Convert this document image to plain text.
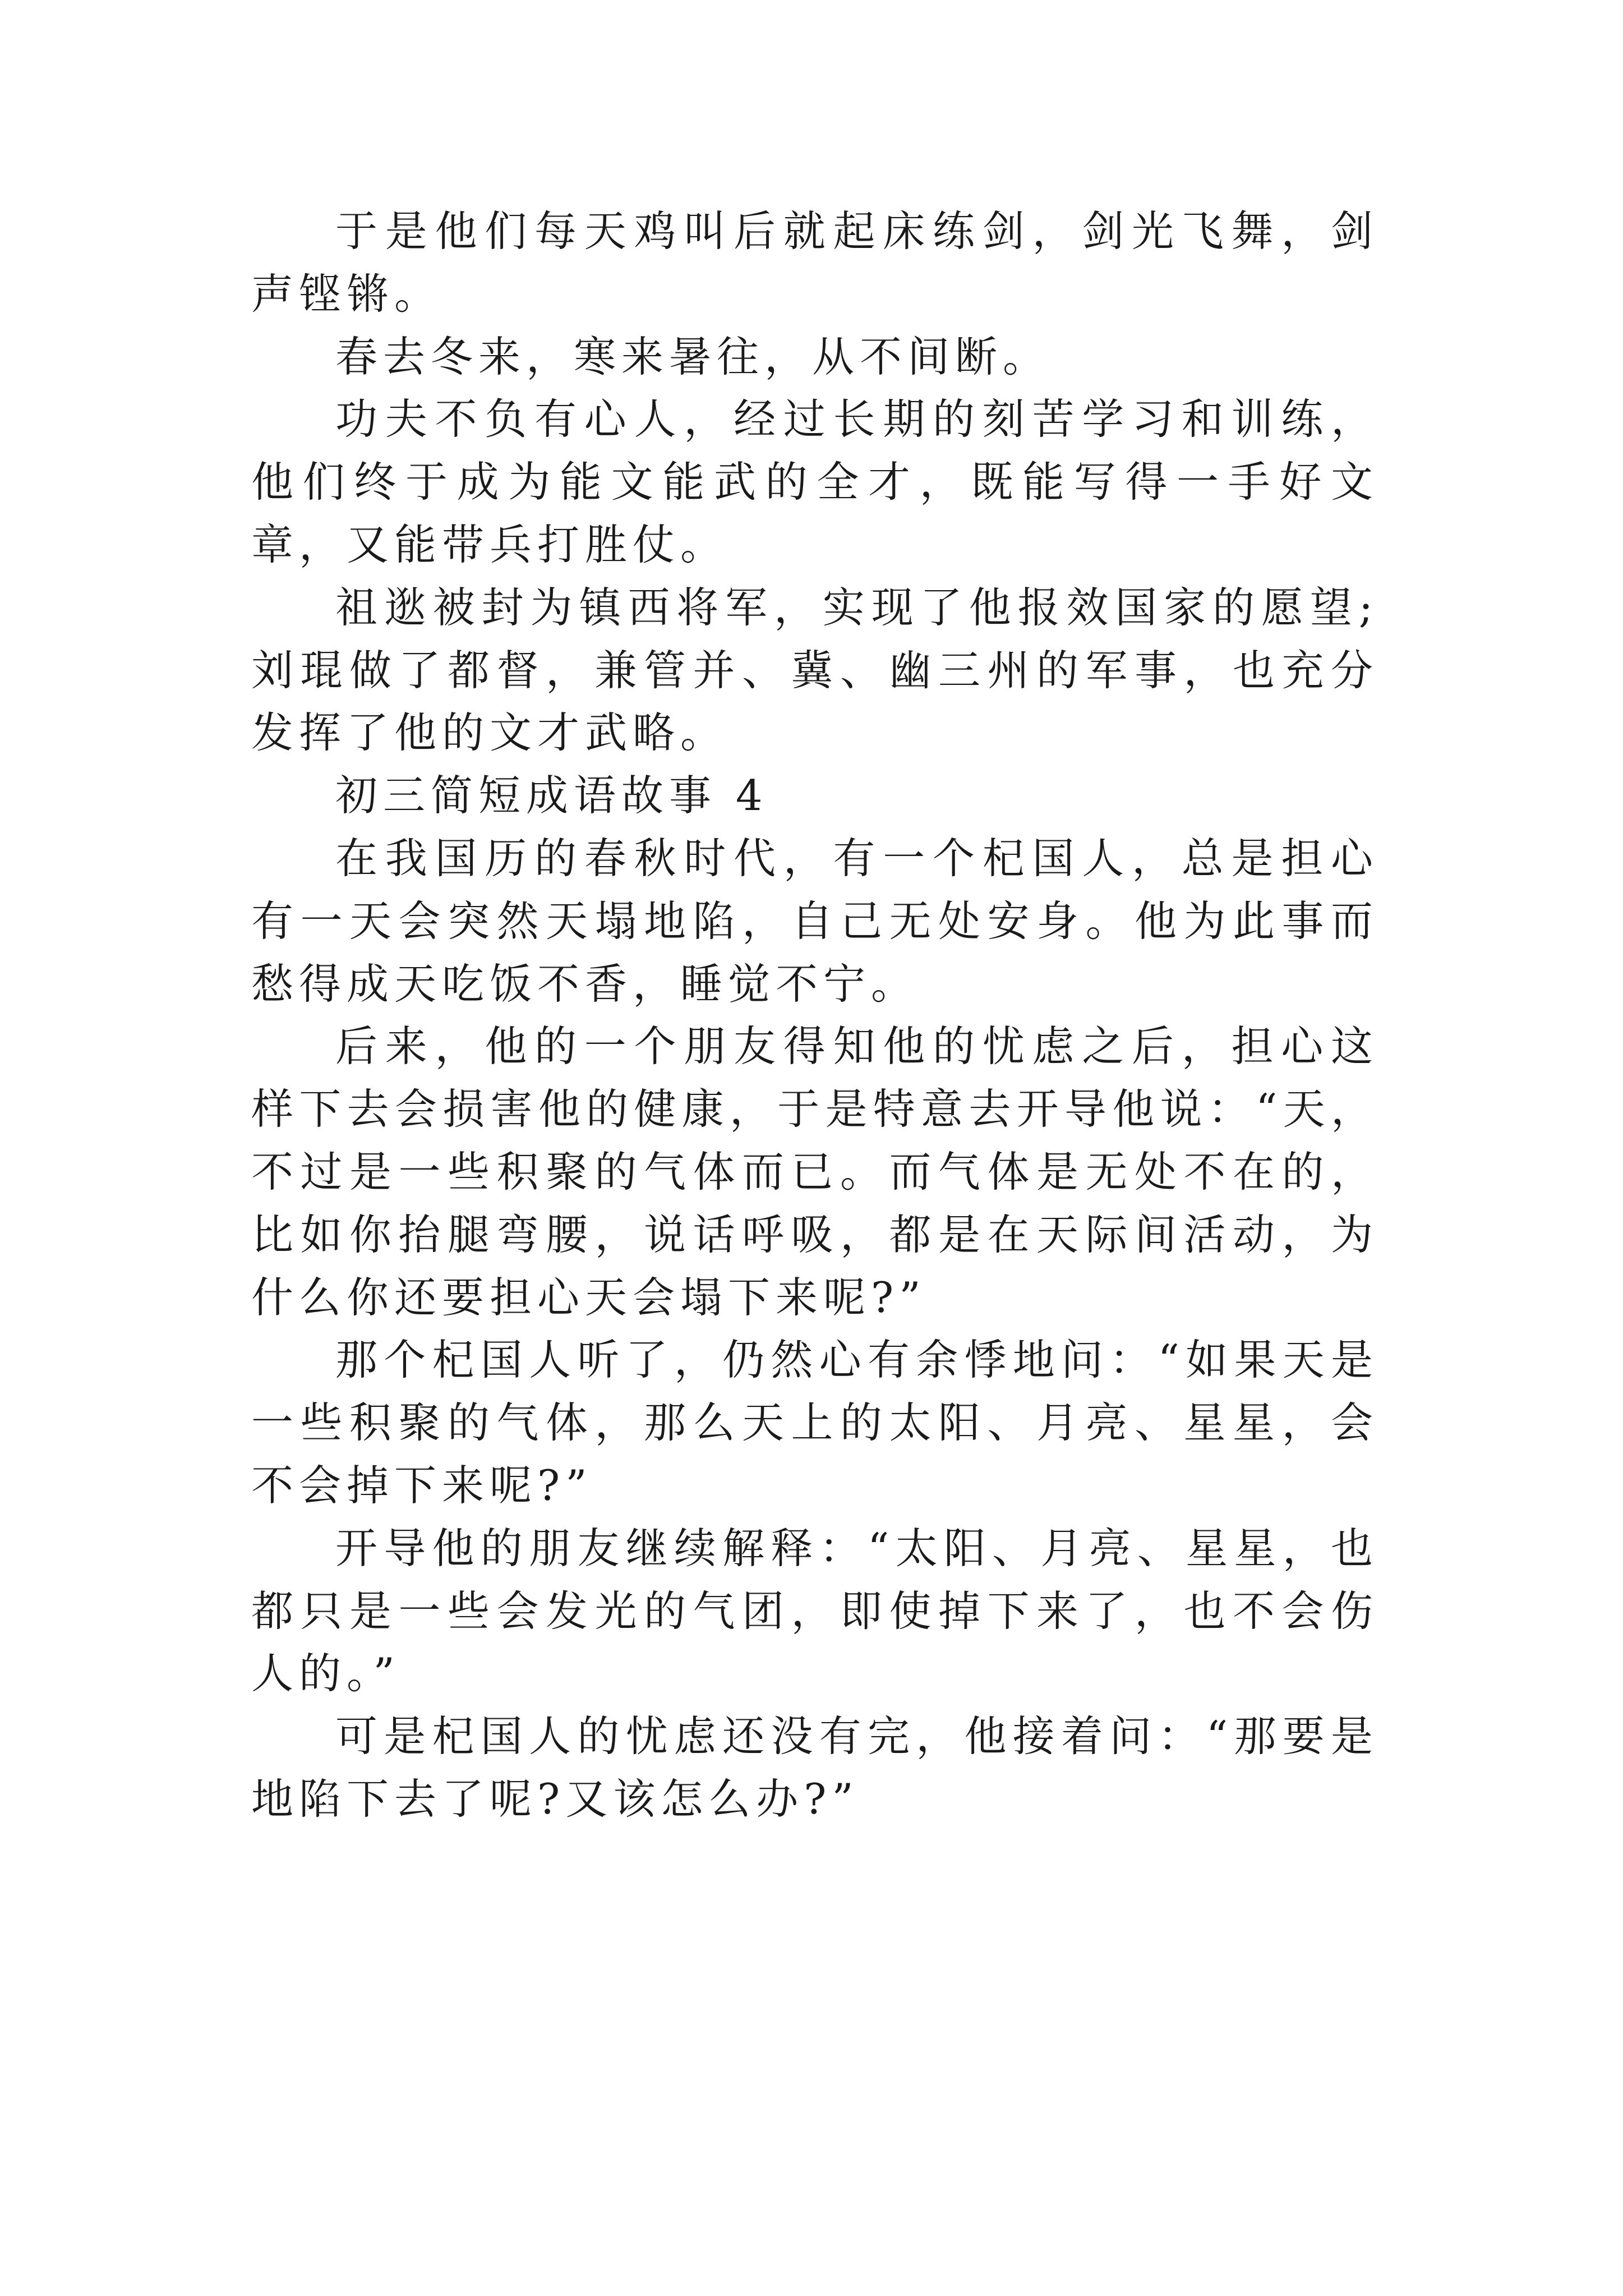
于是他们每天鸡叫后就起床练剑，剑光飞舞，剑声铿锵。

春去冬来，寒来暑往，从不间断。

功夫不负有心人，经过长期的刻苦学习和训练，他们终于成为能文能武的全才，既能写得一手好文章，又能带兵打胜仗。

祖逖被封为镇西将军，实现了他报效国家的愿望;刘琨做了都督，兼管并、冀、幽三州的军事，也充分发挥了他的文才武略。

初三简短成语故事 4

在我国历的春秋时代，有一个杞国人，总是担心有一天会突然天塌地陷，自己无处安身。他为此事而愁得成天吃饭不香，睡觉不宁。

后来，他的一个朋友得知他的忧虑之后，担心这样下去会损害他的健康，于是特意去开导他说：“天，不过是一些积聚的气体而已。而气体是无处不在的，比如你抬腿弯腰，说话呼吸，都是在天际间活动，为什么你还要担心天会塌下来呢?”

那个杞国人听了，仍然心有余悸地问：“如果天是一些积聚的气体，那么天上的太阳、月亮、星星，会不会掉下来呢?”

开导他的朋友继续解释：“太阳、月亮、星星，也都只是一些会发光的气团，即使掉下来了，也不会伤人的。”

可是杞国人的忧虑还没有完，他接着问：“那要是地陷下去了呢?又该怎么办?”
